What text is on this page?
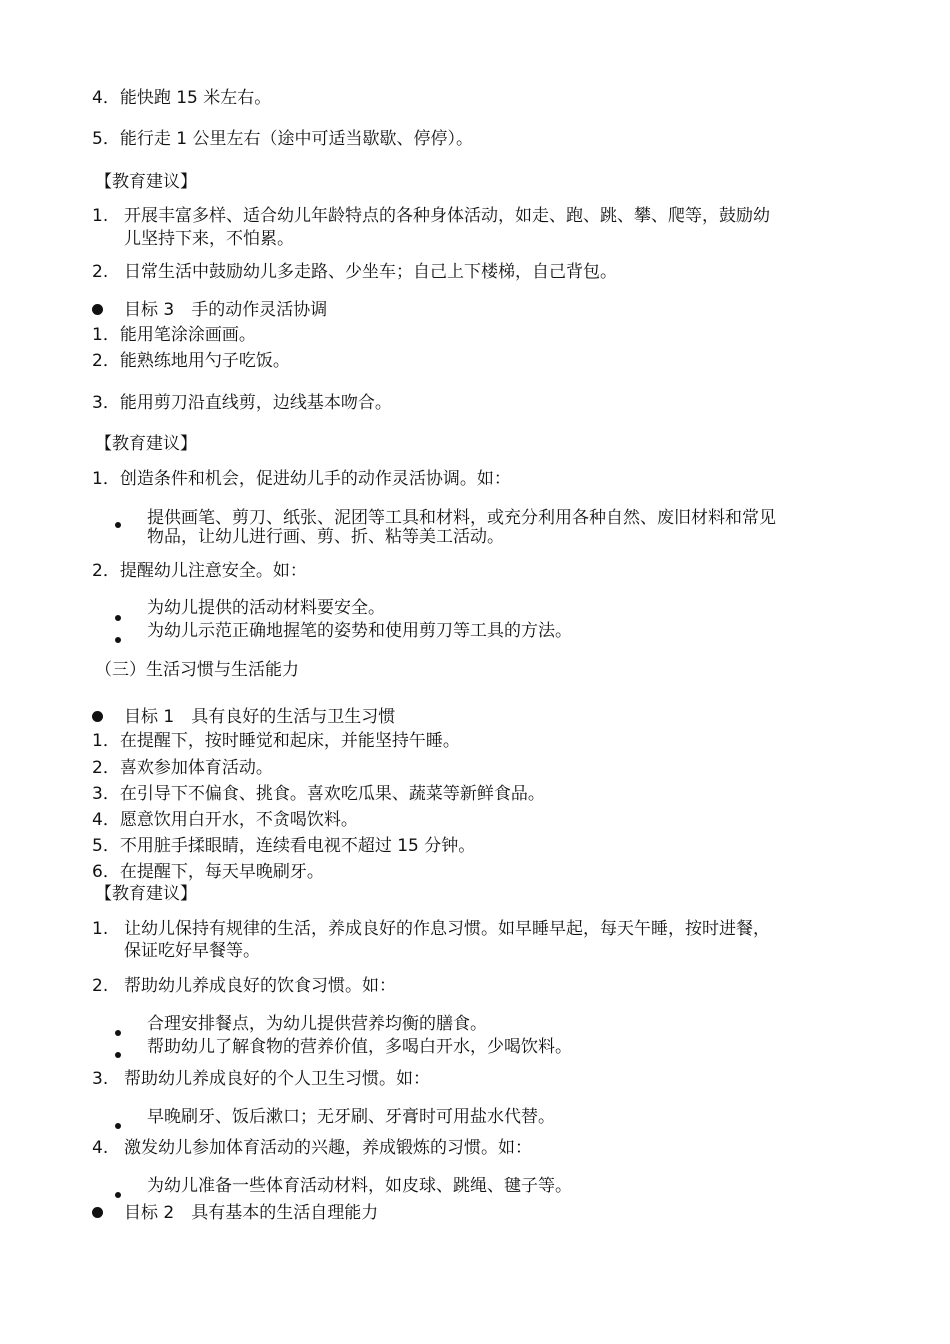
4．能快跑 15 米左右。
5．能行走 1 公里左右（途中可适当歇歇、停停）。
【教育建议】
1. 开展丰富多样、适合幼儿年龄特点的各种身体活动，如走、跑、跳、攀、爬等，鼓励幼
儿坚持下来，不怕累。
2. 日常生活中鼓励幼儿多走路、少坐车；自己上下楼梯，自己背包。
目标 3　手的动作灵活协调
1．能用笔涂涂画画。
2．能熟练地用勺子吃饭。
3．能用剪刀沿直线剪，边线基本吻合。
【教育建议】
1．创造条件和机会，促进幼儿手的动作灵活协调。如：
提供画笔、剪刀、纸张、泥团等工具和材料，或充分利用各种自然、废旧材料和常见
物品，让幼儿进行画、剪、折、粘等美工活动。
2．提醒幼儿注意安全。如：
为幼儿提供的活动材料要安全。
为幼儿示范正确地握笔的姿势和使用剪刀等工具的方法。
（三）生活习惯与生活能力
目标 1　具有良好的生活与卫生习惯
1．在提醒下，按时睡觉和起床，并能坚持午睡。
2．喜欢参加体育活动。
3．在引导下不偏食、挑食。喜欢吃瓜果、蔬菜等新鲜食品。
4．愿意饮用白开水，不贪喝饮料。
5．不用脏手揉眼睛，连续看电视不超过 15 分钟。
6．在提醒下，每天早晚刷牙。
【教育建议】
1. 让幼儿保持有规律的生活，养成良好的作息习惯。如早睡早起，每天午睡，按时进餐，
保证吃好早餐等。
2. 帮助幼儿养成良好的饮食习惯。如：
合理安排餐点，为幼儿提供营养均衡的膳食。
帮助幼儿了解食物的营养价值，多喝白开水，少喝饮料。
3. 帮助幼儿养成良好的个人卫生习惯。如：
早晚刷牙、饭后漱口；无牙刷、牙膏时可用盐水代替。
4. 激发幼儿参加体育活动的兴趣，养成锻炼的习惯。如：
为幼儿准备一些体育活动材料，如皮球、跳绳、毽子等。
目标 2　具有基本的生活自理能力
